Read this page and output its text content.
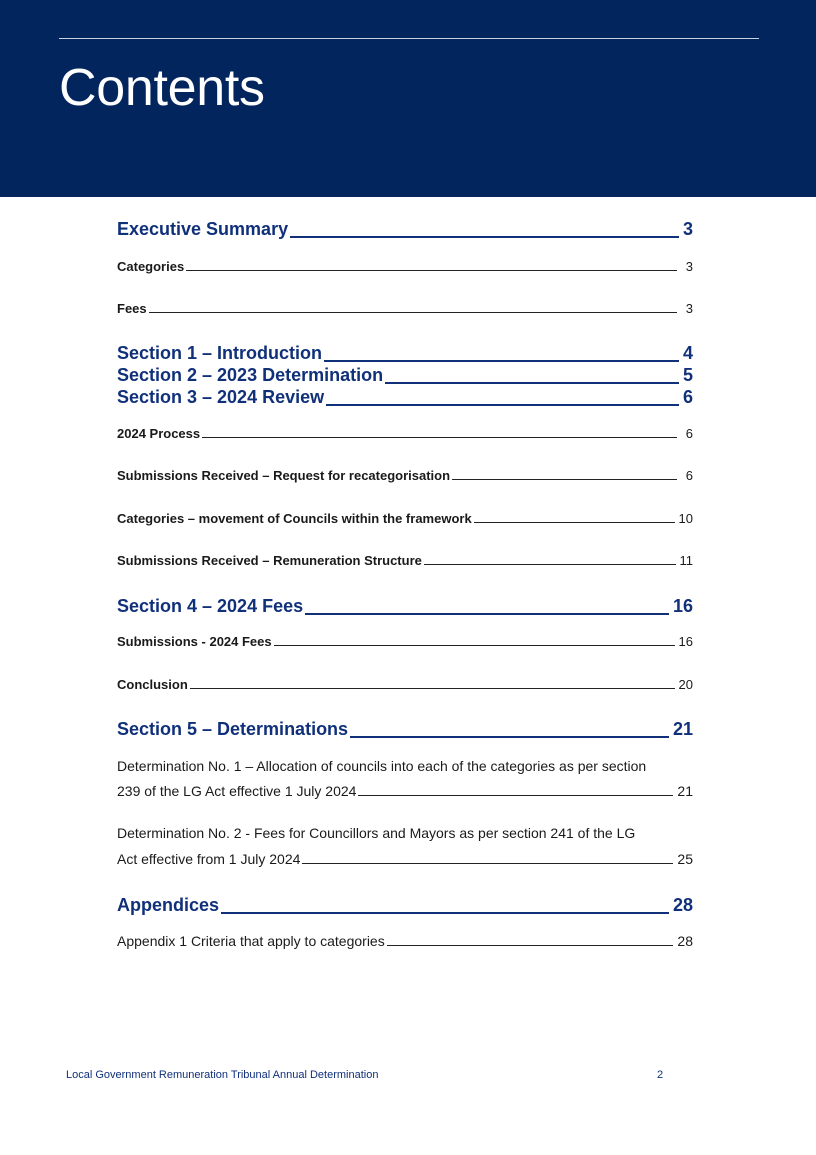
Contents
Executive Summary	3
Categories	3
Fees	3
Section 1 – Introduction	4
Section 2 – 2023 Determination	5
Section 3 – 2024 Review	6
2024 Process	6
Submissions Received – Request for recategorisation	6
Categories – movement of Councils within the framework	10
Submissions Received – Remuneration Structure	11
Section 4 – 2024 Fees	16
Submissions - 2024 Fees	16
Conclusion	20
Section 5 – Determinations	21
Determination No. 1 – Allocation of councils into each of the categories as per section
239 of the LG Act effective 1 July 2024	21
Determination No. 2 - Fees for Councillors and Mayors as per section 241 of the LG
Act effective from 1 July 2024	25
Appendices	28
Appendix 1 Criteria that apply to categories	28
Local Government Remuneration Tribunal Annual Determination	2
